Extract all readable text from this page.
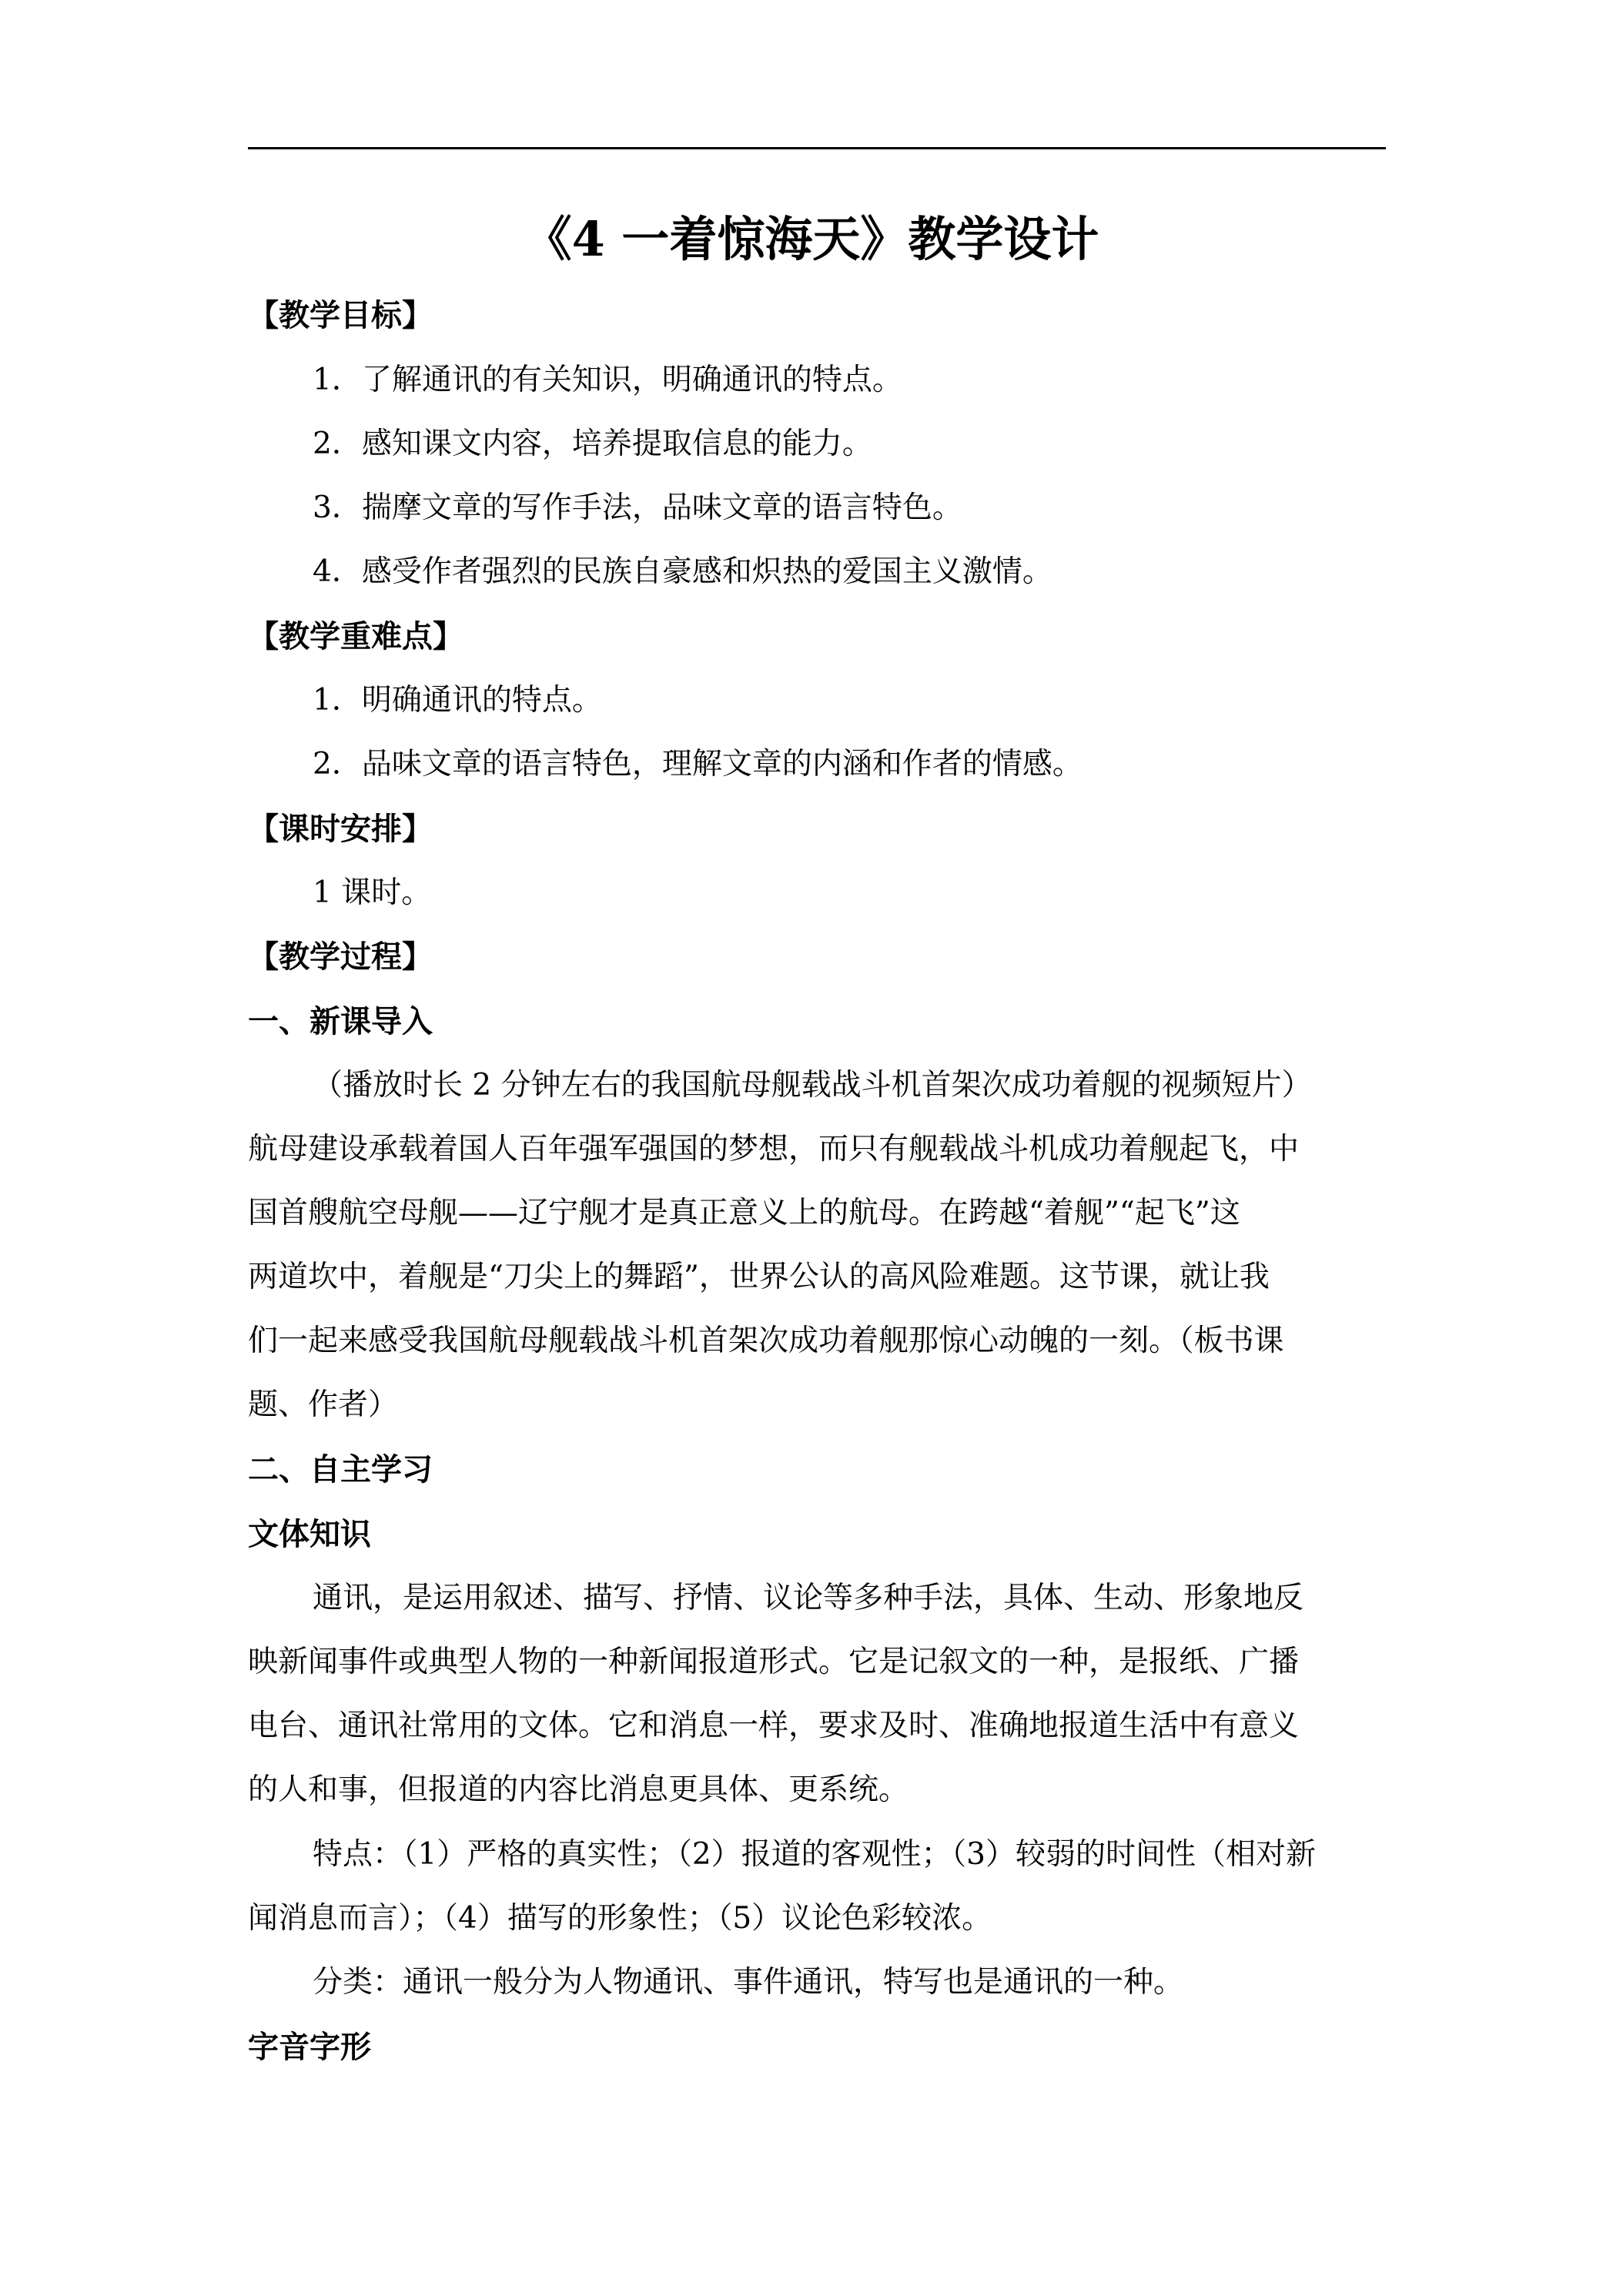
《4 一着惊海天》教学设计
【教学目标】
1．了解通讯的有关知识，明确通讯的特点。
2．感知课文内容，培养提取信息的能力。
3．揣摩文章的写作手法，品味文章的语言特色。
4．感受作者强烈的民族自豪感和炽热的爱国主义激情。
【教学重难点】
1．明确通讯的特点。
2．品味文章的语言特色，理解文章的内涵和作者的情感。
【课时安排】
1 课时。
【教学过程】
一、新课导入
（播放时长 2 分钟左右的我国航母舰载战斗机首架次成功着舰的视频短片）
航母建设承载着国人百年强军强国的梦想，而只有舰载战斗机成功着舰起飞，中
国首艘航空母舰——辽宁舰才是真正意义上的航母。在跨越“着舰”“起飞”这
两道坎中，着舰是“刀尖上的舞蹈”，世界公认的高风险难题。这节课，就让我
们一起来感受我国航母舰载战斗机首架次成功着舰那惊心动魄的一刻。（板书课
题、作者）
二、自主学习
文体知识
通讯，是运用叙述、描写、抒情、议论等多种手法，具体、生动、形象地反
映新闻事件或典型人物的一种新闻报道形式。它是记叙文的一种，是报纸、广播
电台、通讯社常用的文体。它和消息一样，要求及时、准确地报道生活中有意义
的人和事，但报道的内容比消息更具体、更系统。
特点：（1）严格的真实性；（2）报道的客观性；（3）较弱的时间性（相对新
闻消息而言）；（4）描写的形象性；（5）议论色彩较浓。
分类：通讯一般分为人物通讯、事件通讯，特写也是通讯的一种。
字音字形
